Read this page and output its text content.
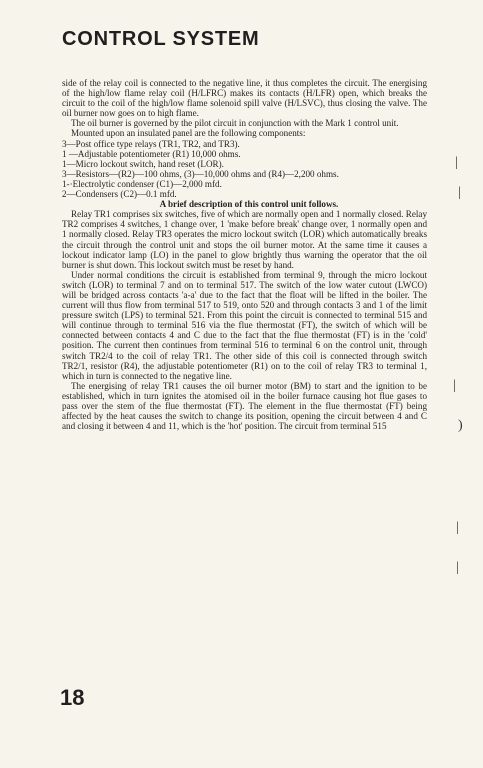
CONTROL SYSTEM

side of the relay coil is connected to the negative line, it thus completes the circuit. The energising of the high/low flame relay coil (H/LFRC) makes its contacts (H/LFR) open, which breaks the circuit to the coil of the high/low flame solenoid spill valve (H/LSVC), thus closing the valve. The oil burner now goes on to high flame.

The oil burner is governed by the pilot circuit in conjunction with the Mark 1 control unit.

Mounted upon an insulated panel are the following components:

3—Post office type relays (TR1, TR2, and TR3).

1 —Adjustable potentiometer (R1) 10,000 ohms.

1—Micro lockout switch, hand reset (LOR).

3—Resistors—(R2)—100 ohms, (3)—10,000 ohms and (R4)—2,200 ohms.

1-·Electrolytic condenser (C1)—2,000 mfd.

2—Condensers (C2)—0.1 mfd.

A brief description of this control unit follows.

Relay TR1 comprises six switches, five of which are normally open and 1 normally closed. Relay TR2 comprises 4 switches, 1 change over, 1 'make before break' change over, 1 normally open and 1 normally closed. Relay TR3 operates the micro lockout switch (LOR) which automatically breaks the circuit through the control unit and stops the oil burner motor. At the same time it causes a lockout indicator lamp (LO) in the panel to glow brightly thus warning the operator that the oil burner is shut down. This lockout switch must be reset by hand.

Under normal conditions the circuit is established from terminal 9, through the micro lockout switch (LOR) to terminal 7 and on to terminal 517. The switch of the low water cutout (LWCO) will be bridged across contacts 'a-a' due to the fact that the float will be lifted in the boiler. The current will thus flow from terminal 517 to 519, onto 520 and through contacts 3 and 1 of the limit pressure switch (LPS) to terminal 521. From this point the circuit is connected to terminal 515 and will continue through to terminal 516 via the flue thermostat (FT), the switch of which will be connected between contacts 4 and C due to the fact that the flue thermostat (FT) is in the 'cold' position. The current then continues from terminal 516 to terminal 6 on the control unit, through switch TR2/4 to the coil of relay TR1. The other side of this coil is connected through switch TR2/1, resistor (R4), the adjustable potentiometer (R1) on to the coil of relay TR3 to terminal 1, which in turn is connected to the negative line.

The energising of relay TR1 causes the oil burner motor (BM) to start and the ignition to be established, which in turn ignites the atomised oil in the boiler furnace causing hot flue gases to pass over the stem of the flue thermostat (FT). The element in the flue thermostat (FT) being affected by the heat causes the switch to change its position, opening the circuit between 4 and C and closing it between 4 and 11, which is the 'hot' position. The circuit from terminal 515

|
|
|
)
|
|
18
